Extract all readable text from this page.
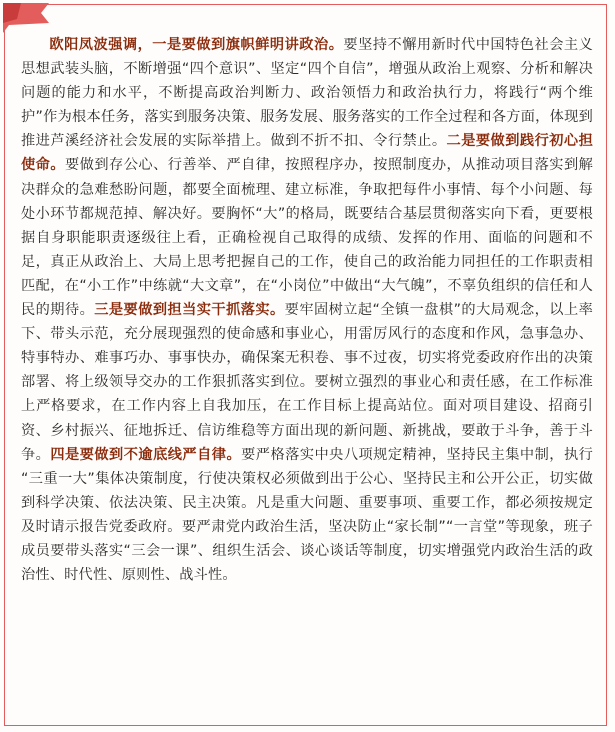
欧阳凤波强调，一是要做到旗帜鲜明讲政治。要坚持不懈用新时代中国特色社会主义思想武装头脑，不断增强“四个意识”、坚定“四个自信”，增强从政治上观察、分析和解决问题的能力和水平，不断提高政治判断力、政治领悟力和政治执行力，将践行“两个维护”作为根本任务，落实到服务决策、服务发展、服务落实的工作全过程和各方面，体现到推进芦溪经济社会发展的实际举措上。做到不折不扣、令行禁止。二是要做到践行初心担使命。要做到存公心、行善举、严自律，按照程序办，按照制度办，从推动项目落实到解决群众的急难愁盼问题，都要全面梳理、建立标准，争取把每件小事情、每个小问题、每处小环节都规范掉、解决好。要胸怀“大”的格局，既要结合基层贯彻落实向下看，更要根据自身职能职责逐级往上看，正确检视自己取得的成绩、发挥的作用、面临的问题和不足，真正从政治上、大局上思考把握自己的工作，使自己的政治能力同担任的工作职责相匹配，在“小工作”中练就“大文章”，在“小岗位”中做出“大气魄”，不辜负组织的信任和人民的期待。三是要做到担当实干抓落实。要牢固树立起“全镇一盘棋”的大局观念，以上率下、带头示范，充分展现强烈的使命感和事业心，用雷厉风行的态度和作风，急事急办、特事特办、难事巧办、事事快办，确保案无积卷、事不过夜，切实将党委政府作出的决策部署、将上级领导交办的工作狠抓落实到位。要树立强烈的事业心和责任感，在工作标准上严格要求，在工作内容上自我加压，在工作目标上提高站位。面对项目建设、招商引资、乡村振兴、征地拆迁、信访维稳等方面出现的新问题、新挑战，要敢于斗争，善于斗争。四是要做到不逾底线严自律。要严格落实中央八项规定精神，坚持民主集中制，执行 “三重一大”集体决策制度，行使决策权必须做到出于公心、坚持民主和公开公正，切实做到科学决策、依法决策、民主决策。凡是重大问题、重要事项、重要工作，都必须按规定及时请示报告党委政府。要严肃党内政治生活，坚决防止“家长制”“一言堂”等现象，班子成员要带头落实“三会一课”、组织生活会、谈心谈话等制度，切实增强党内政治生活的政治性、时代性、原则性、战斗性。
